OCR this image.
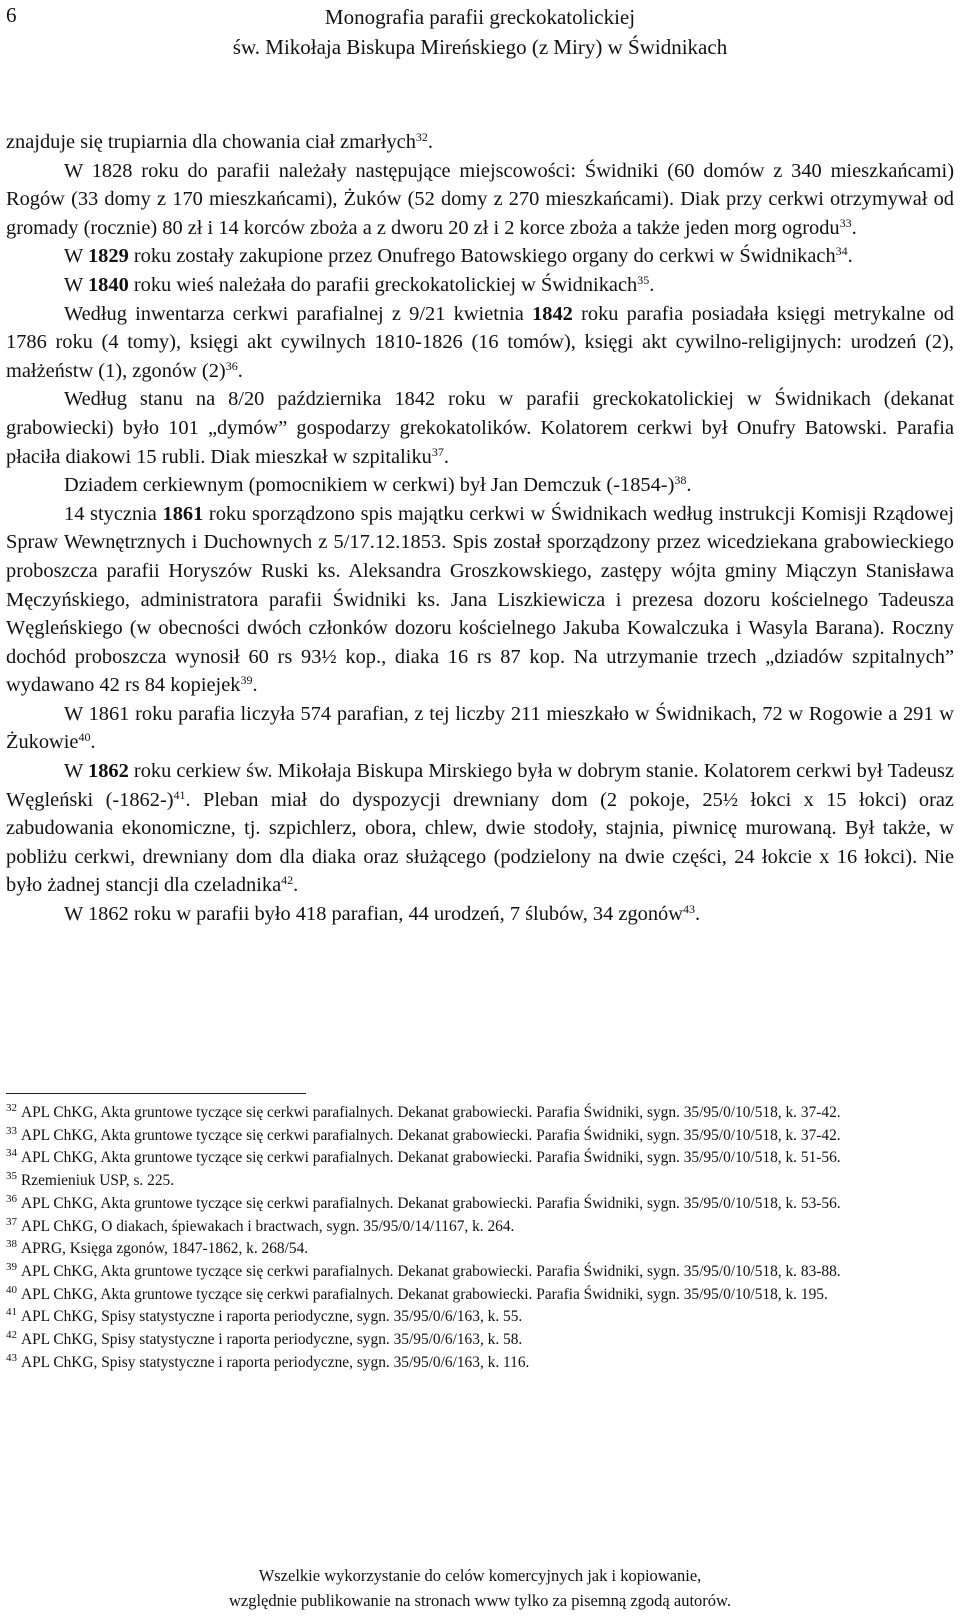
6	Monografia parafii greckokatolickiej
św. Mikołaja Biskupa Mireńskiego (z Miry) w Świdnikach

znajduje się trupiarnia dla chowania ciał zmarłych$^{32}$.

W 1828 roku do parafii należały następujące miejscowości: Świdniki (60 domów z 340 mieszkańcami) Rogów (33 domy z 170 mieszkańcami), Żuków (52 domy z 270 mieszkańcami). Diak przy cerkwi otrzymywał od gromady (rocznie) 80 zł i 14 korców zboża a z dworu 20 zł i 2 korce zboża a także jeden morg ogrodu$^{33}$.

W 1829 roku zostały zakupione przez Onufrego Batowskiego organy do cerkwi w Świdnikach$^{34}$.

W 1840 roku wieś należała do parafii greckokatolickiej w Świdnikach$^{35}$.

Według inwentarza cerkwi parafialnej z 9/21 kwietnia 1842 roku parafia posiadała księgi metrykalne od 1786 roku (4 tomy), księgi akt cywilnych 1810-1826 (16 tomów), księgi akt cywilno-religijnych: urodzeń (2), małżeństw (1), zgonów $(2)^{36}$.

Według stanu na 8/20 października 1842 roku w parafii greckokatolickiej w Świdnikach (dekanat grabowiecki) było 101 „dymów” gospodarzy grekokatolików. Kolatorem cerkwi był Onufry Batowski. Parafia płaciła diakowi 15 rubli. Diak mieszkał w szpitaliku$^{37}$.

Dziadem cerkiewnym (pomocnikiem w cerkwi) był Jan Demczuk $(-1854-)^{38}$.

14 stycznia 1861 roku sporządzono spis majątku cerkwi w Świdnikach według instrukcji Komisji Rządowej Spraw Wewnętrznych i Duchownych z 5/17.12.1853. Spis został sporządzony przez wicedziekana grabowieckiego proboszcza parafii Horyszów Ruski ks. Aleksandra Groszkowskiego, zastępy wójta gminy Miączyn Stanisława Męczyńskiego, administratora parafii Świdniki ks. Jana Liszkiewicza i prezesa dozoru kościelnego Tadeusza Węgleńskiego (w obecności dwóch członków dozoru kościelnego Jakuba Kowalczuka i Wasyla Barana). Roczny dochód proboszcza wynosił 60 rs 93½ kop., diaka 16 rs 87 kop. Na utrzymanie trzech „dziadów szpitalnych” wydawano 42 rs 84 kopiejek$^{39}$.

W 1861 roku parafia liczyła 574 parafian, z tej liczby 211 mieszkało w Świdnikach, 72 w Rogowie a 291 w Żukowie$^{40}$.

W 1862 roku cerkiew św. Mikołaja Biskupa Mirskiego była w dobrym stanie. Kolatorem cerkwi był Tadeusz Węgleński $(-1862-)^{41}$. Pleban miał do dyspozycji drewniany dom (2 pokoje, 25½ łokci x 15 łokci) oraz zabudowania ekonomiczne, tj. szpichlerz, obora, chlew, dwie stodoły, stajnia, piwnicę murowaną. Był także, w pobliżu cerkwi, drewniany dom dla diaka oraz służącego (podzielony na dwie części, 24 łokcie x 16 łokci). Nie było żadnej stancji dla czeladnika$^{42}$.

W 1862 roku w parafii było 418 parafian, 44 urodzeń, 7 ślubów, 34 zgonów$^{43}$.

$^{32}$ APL ChKG, Akta gruntowe tyczące się cerkwi parafialnych. Dekanat grabowiecki. Parafia Świdniki, sygn. 35/95/0/10/518, k. 37-42.
$^{33}$ APL ChKG, Akta gruntowe tyczące się cerkwi parafialnych. Dekanat grabowiecki. Parafia Świdniki, sygn. 35/95/0/10/518, k. 37-42.
$^{34}$ APL ChKG, Akta gruntowe tyczące się cerkwi parafialnych. Dekanat grabowiecki. Parafia Świdniki, sygn. 35/95/0/10/518, k. 51-56.
$^{35}$ Rzemieniuk USP, s. 225.
$^{36}$ APL ChKG, Akta gruntowe tyczące się cerkwi parafialnych. Dekanat grabowiecki. Parafia Świdniki, sygn. 35/95/0/10/518, k. 53-56.
$^{37}$ APL ChKG, O diakach, śpiewakach i bractwach, sygn. 35/95/0/14/1167, k. 264.
$^{38}$ APRG, Księga zgonów, 1847-1862, k. 268/54.
$^{39}$ APL ChKG, Akta gruntowe tyczące się cerkwi parafialnych. Dekanat grabowiecki. Parafia Świdniki, sygn. 35/95/0/10/518, k. 83-88.
$^{40}$ APL ChKG, Akta gruntowe tyczące się cerkwi parafialnych. Dekanat grabowiecki. Parafia Świdniki, sygn. 35/95/0/10/518, k. 195.
$^{41}$ APL ChKG, Spisy statystyczne i raporta periodyczne, sygn. 35/95/0/6/163, k. 55.
$^{42}$ APL ChKG, Spisy statystyczne i raporta periodyczne, sygn. 35/95/0/6/163, k. 58.
$^{43}$ APL ChKG, Spisy statystyczne i raporta periodyczne, sygn. 35/95/0/6/163, k. 116.
Wszelkie wykorzystanie do celów komercyjnych jak i kopiowanie,
względnie publikowanie na stronach www tylko za pisemną zgodą autorów.
